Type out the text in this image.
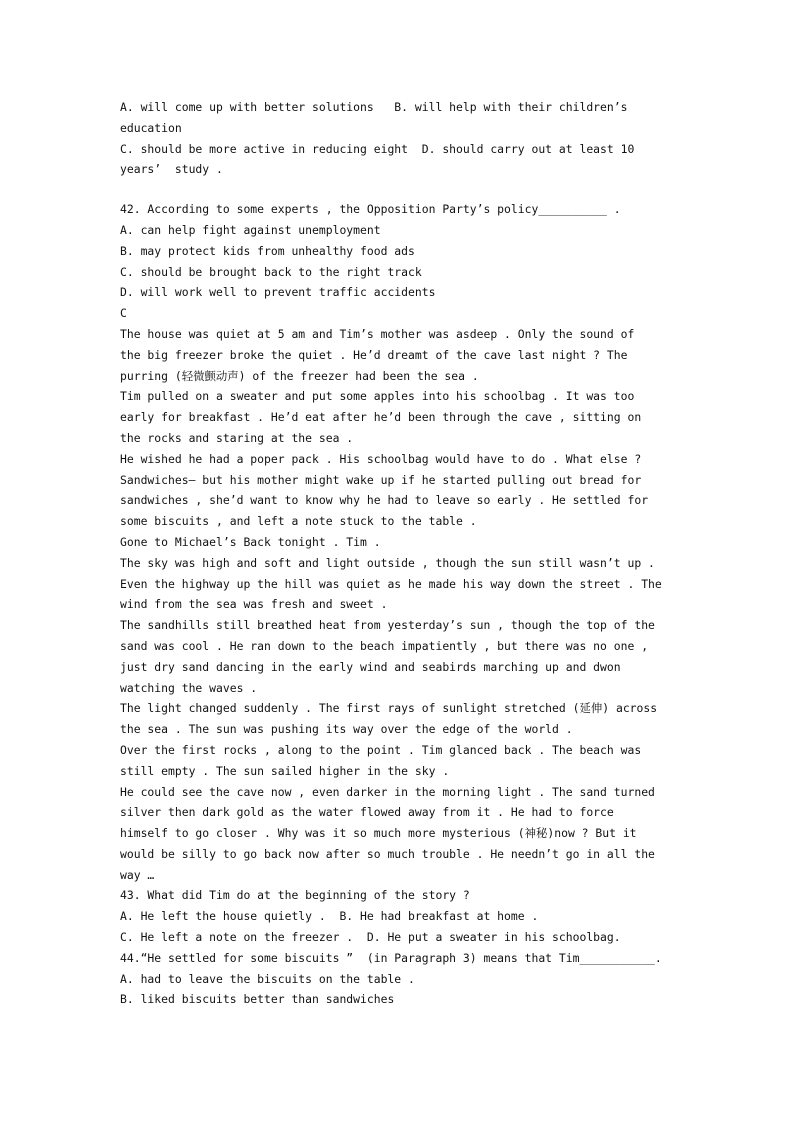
A. will come up with better solutions   B. will help with their children’s
education
C. should be more active in reducing eight  D. should carry out at least 10
years’  study .
42. According to some experts , the Opposition Party’s policy__________ .
A. can help fight against unemployment
B. may protect kids from unhealthy food ads
C. should be brought back to the right track
D. will work well to prevent traffic accidents
C
The house was quiet at 5 am and Tim’s mother was asdeep . Only the sound of
the big freezer broke the quiet . He’d dreamt of the cave last night ? The
purring (轻微颤动声) of the freezer had been the sea .
Tim pulled on a sweater and put some apples into his schoolbag . It was too
early for breakfast . He’d eat after he’d been through the cave , sitting on
the rocks and staring at the sea .
He wished he had a poper pack . His schoolbag would have to do . What else ?
Sandwiches— but his mother might wake up if he started pulling out bread for
sandwiches , she’d want to know why he had to leave so early . He settled for
some biscuits , and left a note stuck to the table .
Gone to Michael’s Back tonight . Tim .
The sky was high and soft and light outside , though the sun still wasn’t up .
Even the highway up the hill was quiet as he made his way down the street . The
wind from the sea was fresh and sweet .
The sandhills still breathed heat from yesterday’s sun , though the top of the
sand was cool . He ran down to the beach impatiently , but there was no one ,
just dry sand dancing in the early wind and seabirds marching up and dwon
watching the waves .
The light changed suddenly . The first rays of sunlight stretched (延伸) across
the sea . The sun was pushing its way over the edge of the world .
Over the first rocks , along to the point . Tim glanced back . The beach was
still empty . The sun sailed higher in the sky .
He could see the cave now , even darker in the morning light . The sand turned
silver then dark gold as the water flowed away from it . He had to force
himself to go closer . Why was it so much more mysterious (神秘)now ? But it
would be silly to go back now after so much trouble . He needn’t go in all the
way …
43. What did Tim do at the beginning of the story ?
A. He left the house quietly .  B. He had breakfast at home .
C. He left a note on the freezer .  D. He put a sweater in his schoolbag.
44.“He settled for some biscuits ”  (in Paragraph 3) means that Tim___________.
A. had to leave the biscuits on the table .
B. liked biscuits better than sandwiches
